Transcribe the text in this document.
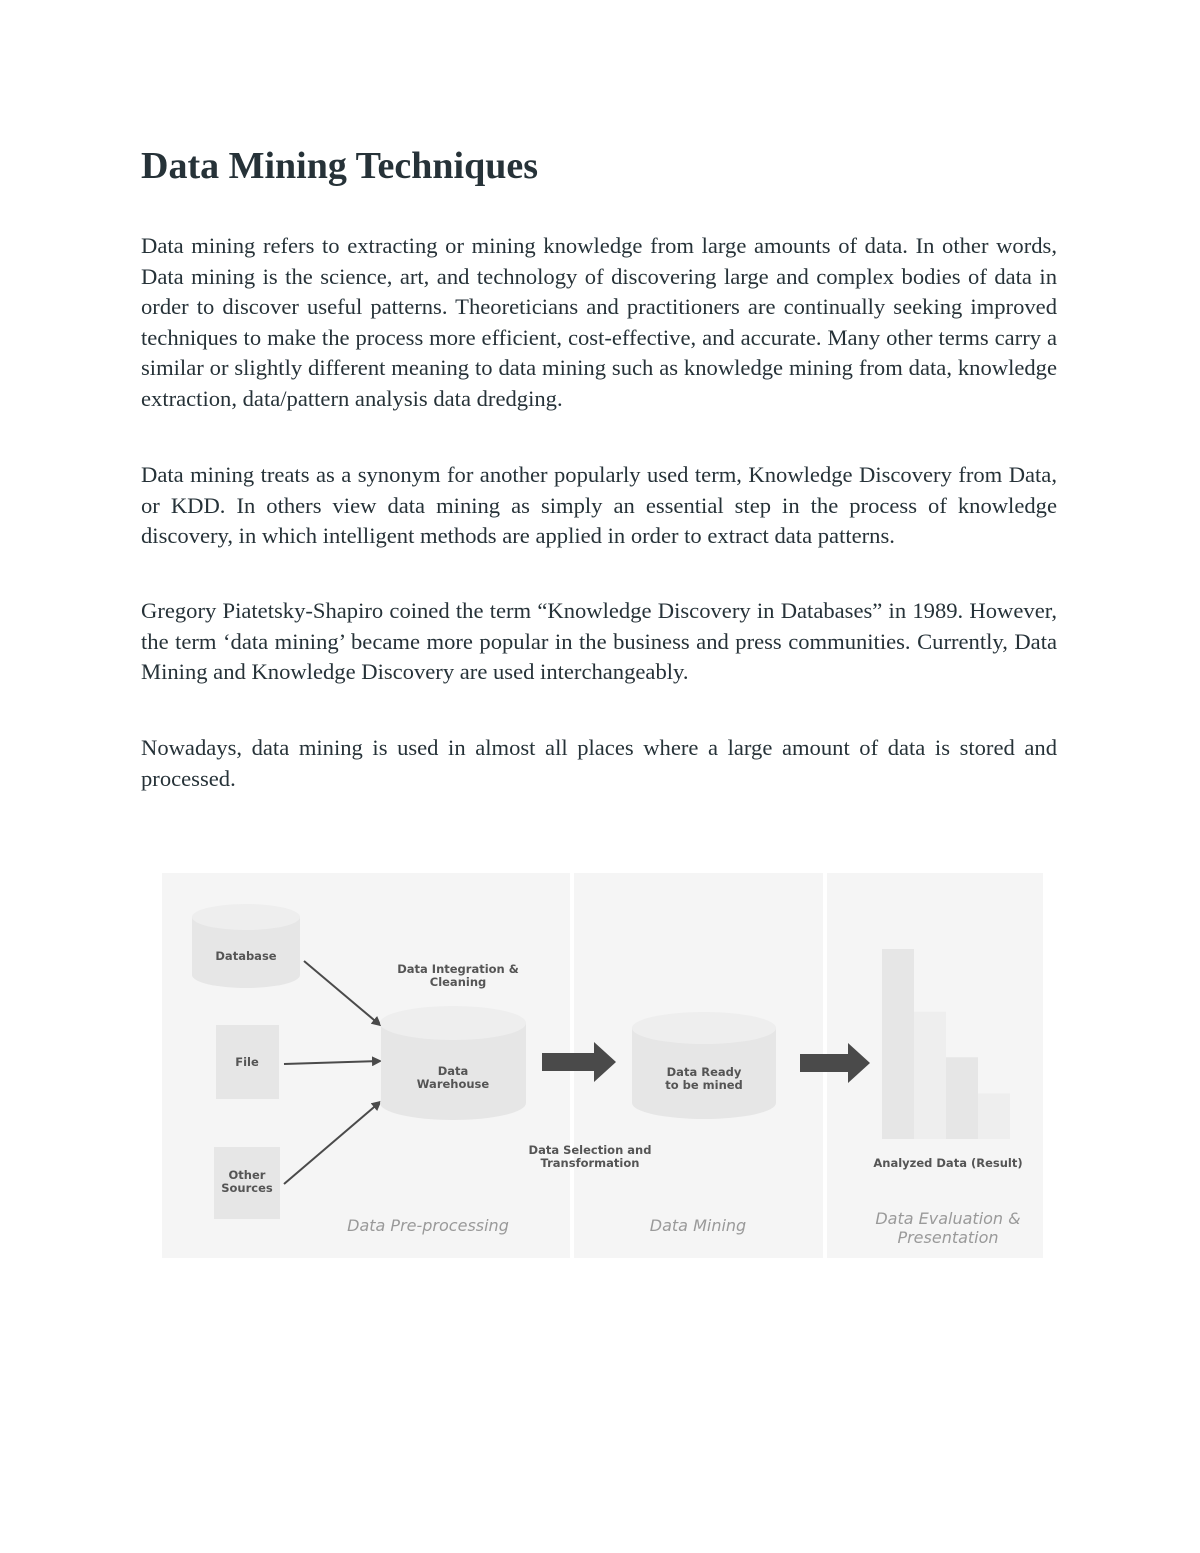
Data Mining Techniques

Data mining refers to extracting or mining knowledge from large amounts of data. In other words, Data mining is the science, art, and technology of discovering large and complex bodies of data in order to discover useful patterns. Theoreticians and practitioners are continually seeking improved techniques to make the process more efficient, cost-effective, and accurate. Many other terms carry a similar or slightly different meaning to data mining such as knowledge mining from data, knowledge extraction, data/pattern analysis data dredging.

Data mining treats as a synonym for another popularly used term, Knowledge Discovery from Data, or KDD. In others view data mining as simply an essential step in the process of knowledge discovery, in which intelligent methods are applied in order to extract data patterns.

Gregory Piatetsky-Shapiro coined the term “Knowledge Discovery in Databases” in 1989. However, the term ‘data mining’ became more popular in the business and press communities. Currently, Data Mining and Knowledge Discovery are used interchangeably.

Nowadays, data mining is used in almost all places where a large amount of data is stored and processed.

Database
File
Other
Sources
Data Integration &
Cleaning
Data
Warehouse
Data Selection and
Transformation
Data Ready
to be mined
Analyzed Data (Result)
Data Pre-processing	Data Mining	Data Evaluation &
Presentation
